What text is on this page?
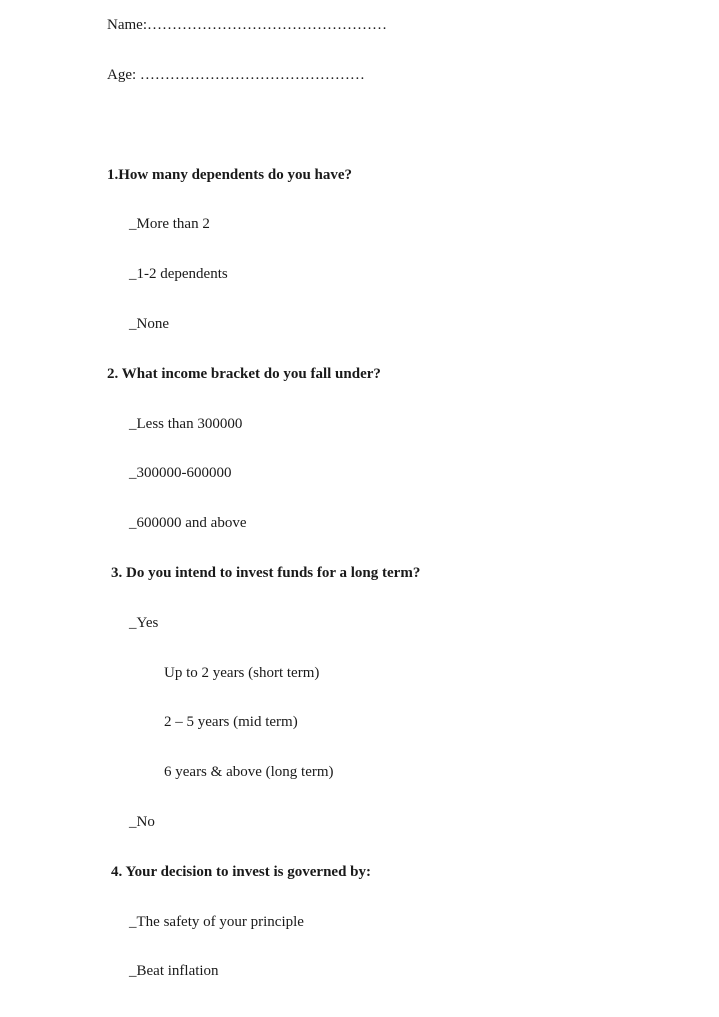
Name:…………………………………………
Age: ………………………………………
1.How many dependents do you have?
_More than 2
_1-2 dependents
_None
2. What income bracket do you fall under?
_Less than 300000
_300000-600000
_600000 and above
3. Do you intend to invest funds for a long term?
_Yes
Up to 2 years (short term)
2 – 5 years (mid term)
6 years & above (long term)
_No
4. Your decision to invest is governed by:
_The safety of your principle
_Beat inflation
